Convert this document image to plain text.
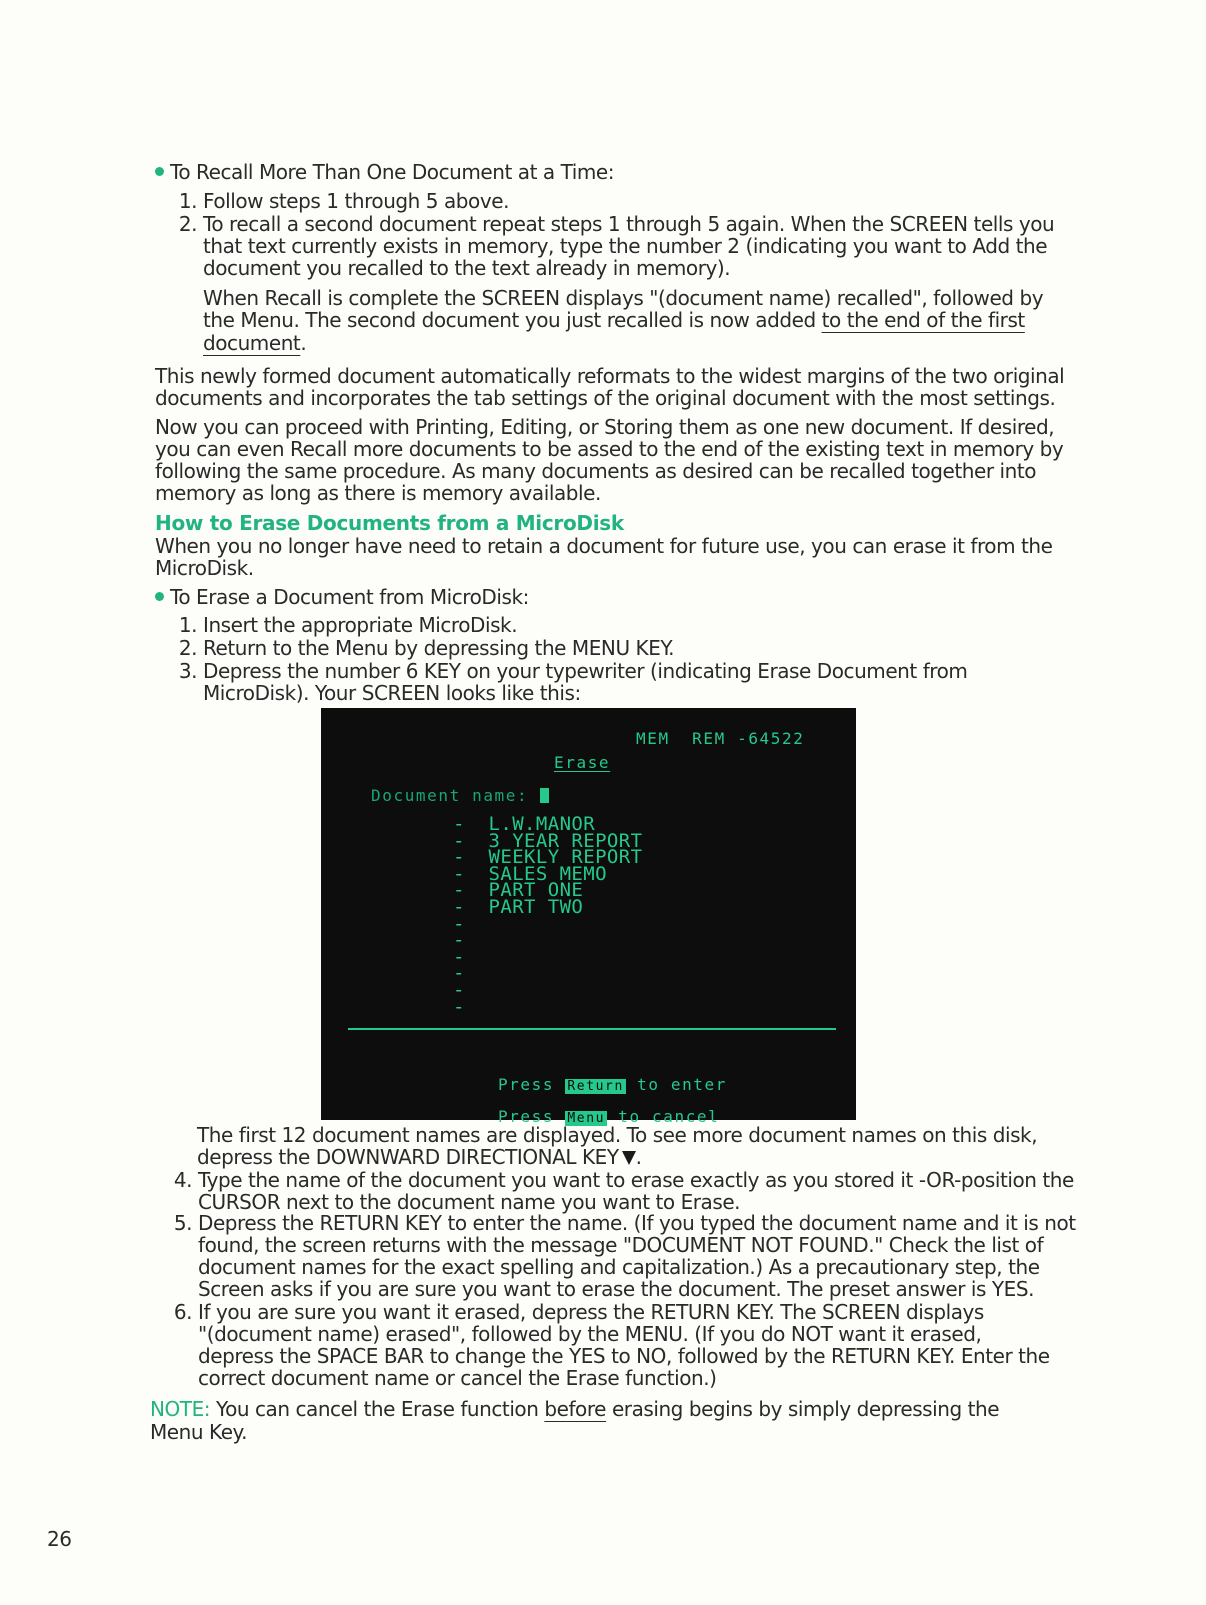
To Recall More Than One Document at a Time:
1. Follow steps 1 through 5 above.
2. To recall a second document repeat steps 1 through 5 again. When the SCREEN tells you
that text currently exists in memory, type the number 2 (indicating you want to Add the
document you recalled to the text already in memory).
When Recall is complete the SCREEN displays "(document name) recalled", followed by
the Menu. The second document you just recalled is now added to the end of the first
document.
This newly formed document automatically reformats to the widest margins of the two original
documents and incorporates the tab settings of the original document with the most settings.
Now you can proceed with Printing, Editing, or Storing them as one new document. If desired,
you can even Recall more documents to be assed to the end of the existing text in memory by
following the same procedure. As many documents as desired can be recalled together into
memory as long as there is memory available.
How to Erase Documents from a MicroDisk
When you no longer have need to retain a document for future use, you can erase it from the
MicroDisk.
To Erase a Document from MicroDisk:
1. Insert the appropriate MicroDisk.
2. Return to the Menu by depressing the MENU KEY.
3. Depress the number 6 KEY on your typewriter (indicating Erase Document from
MicroDisk). Your SCREEN looks like this:
MEM  REM -64522
Erase
Document name:
-  L.W.MANOR
-  3 YEAR REPORT
-  WEEKLY REPORT
-  SALES MEMO
-  PART ONE
-  PART TWO
-
-
-
-
-
-

Press Return to enter

Press Menu to cancel

The first 12 document names are displayed. To see more document names on this disk,
depress the DOWNWARD DIRECTIONAL KEY .
4. Type the name of the document you want to erase exactly as you stored it -OR-position the
CURSOR next to the document name you want to Erase.
5. Depress the RETURN KEY to enter the name. (If you typed the document name and it is not
found, the screen returns with the message "DOCUMENT NOT FOUND." Check the list of
document names for the exact spelling and capitalization.) As a precautionary step, the
Screen asks if you are sure you want to erase the document. The preset answer is YES.
6. If you are sure you want it erased, depress the RETURN KEY. The SCREEN displays
"(document name) erased", followed by the MENU. (If you do NOT want it erased,
depress the SPACE BAR to change the YES to NO, followed by the RETURN KEY. Enter the
correct document name or cancel the Erase function.)
NOTE: You can cancel the Erase function before erasing begins by simply depressing the
Menu Key.
26
